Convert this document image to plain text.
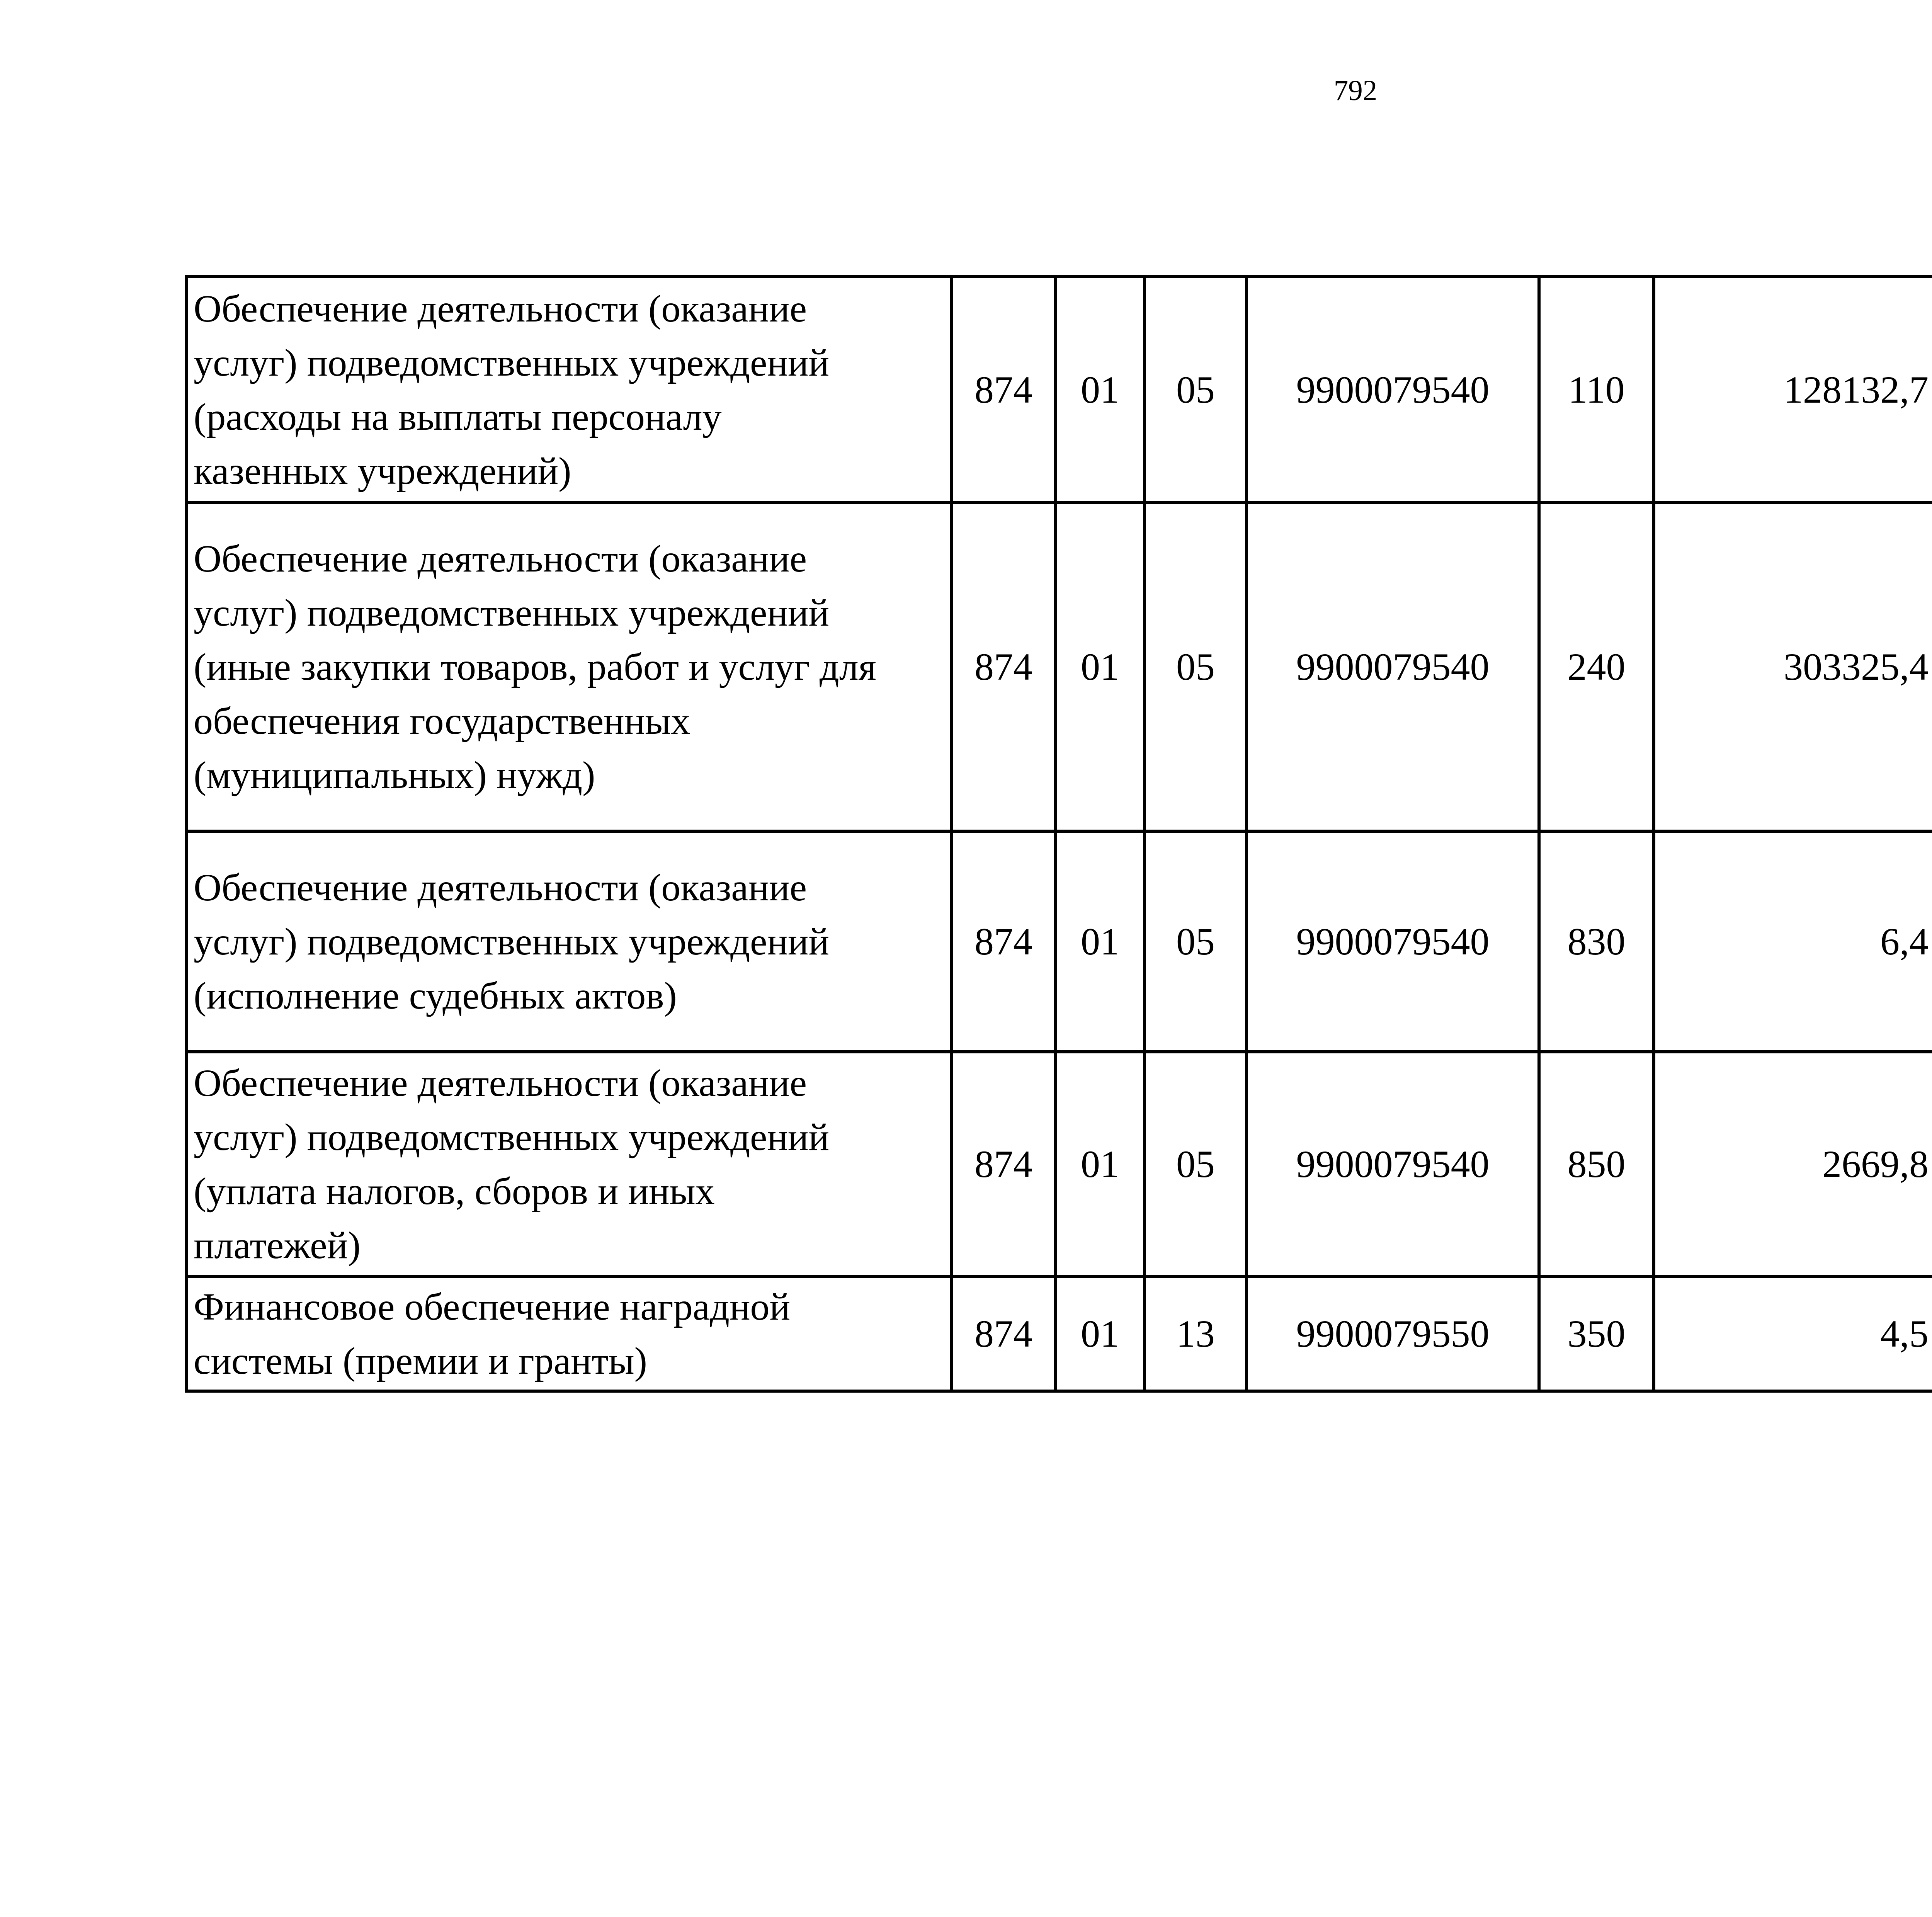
792
Обеспечение деятельности (оказание
услуг) подведомственных учреждений
(расходы на выплаты персоналу
казенных учреждений)	874	01	05	9900079540	110	128132,7		

Обеспечение деятельности (оказание
услуг) подведомственных учреждений
(иные закупки товаров, работ и услуг для
обеспечения государственных
(муниципальных) нужд)	874	01	05	9900079540	240	303325,4		

Обеспечение деятельности (оказание
услуг) подведомственных учреждений
(исполнение судебных актов)	874	01	05	9900079540	830	6,4		

Обеспечение деятельности (оказание
услуг) подведомственных учреждений
(уплата налогов, сборов и иных
платежей)	874	01	05	9900079540	850	2669,8		

Финансовое обеспечение наградной
системы (премии и гранты)	874	01	13	9900079550	350	4,5		
